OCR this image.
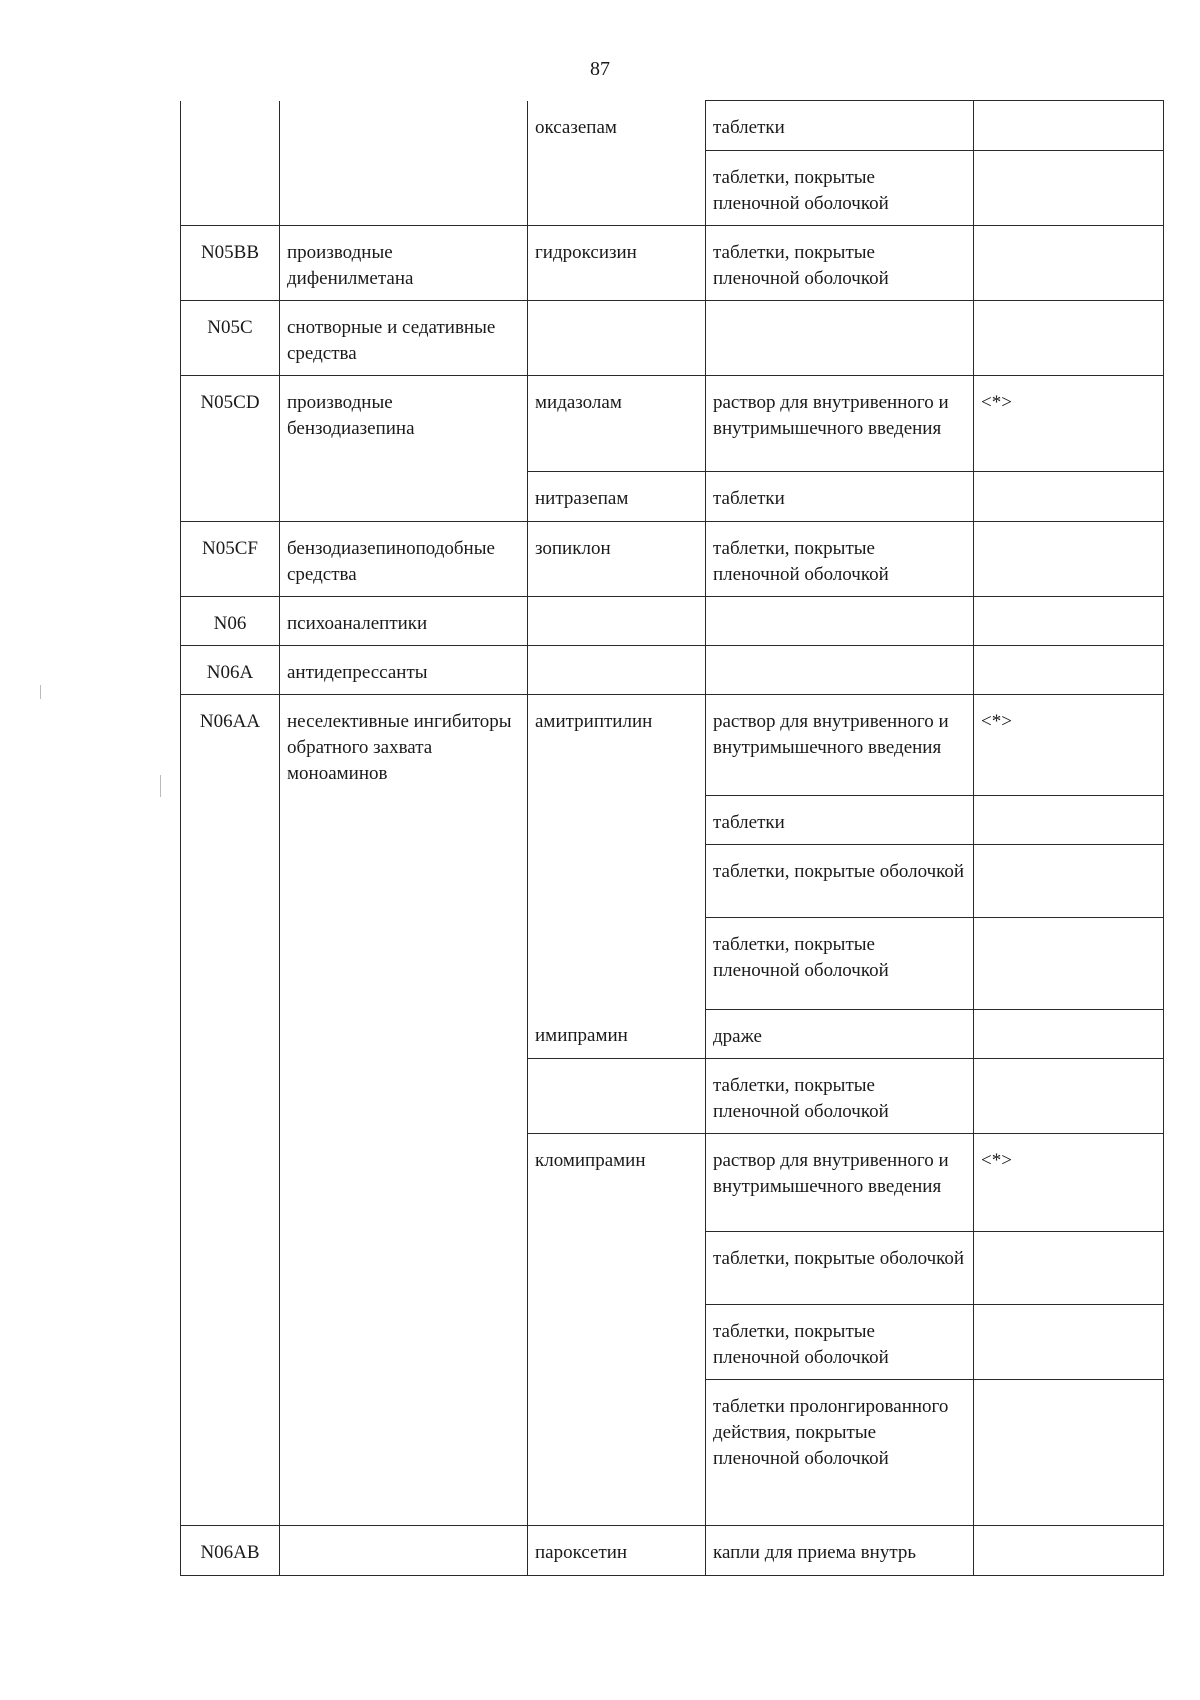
87
		оксазепам	таблетки	
			таблетки, покрытые пленочной оболочкой	
N05BB	производные дифенилметана	гидроксизин	таблетки, покрытые пленочной оболочкой	
N05C	снотворные и седативные средства			
N05CD	производные бензодиазепина	мидазолам	раствор для внутривенного и внутримышечного введения	<*>
		нитразепам	таблетки	
N05CF	бензодиазепиноподобные средства	зопиклон	таблетки, покрытые пленочной оболочкой	
N06	психоаналептики			
N06A	антидепрессанты			
N06AA	неселективные ингибиторы обратного захвата моноаминов	амитриптилин	раствор для внутривенного и внутримышечного введения	<*>
			таблетки	
			таблетки, покрытые оболочкой	
			таблетки, покрытые пленочной оболочкой	
		имипрамин	драже	
			таблетки, покрытые пленочной оболочкой	
		кломипрамин	раствор для внутривенного и внутримышечного введения	<*>
			таблетки, покрытые оболочкой	
			таблетки, покрытые пленочной оболочкой	
			таблетки пролонгированного действия, покрытые пленочной оболочкой	
N06AB		пароксетин	капли для приема внутрь	
